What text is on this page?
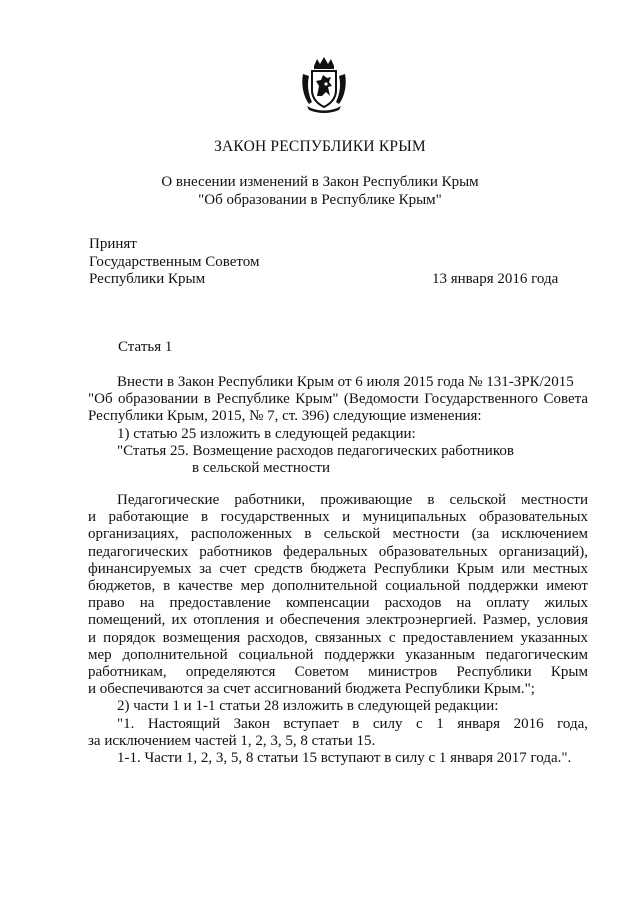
ЗАКОН РЕСПУБЛИКИ КРЫМ
О внесении изменений в Закон Республики Крым
"Об образовании в Республике Крым"
Принят
Государственным Советом
Республики Крым	13 января 2016 года
Статья 1
Внести в Закон Республики Крым от 6 июля 2015 года № 131-ЗРК/2015
"Об образовании в Республике Крым" (Ведомости Государственного Совета
Республики Крым, 2015, № 7, ст. 396) следующие изменения:
1) статью 25 изложить в следующей редакции:
"Статья 25. Возмещение расходов педагогических работников
в сельской местности
Педагогические работники, проживающие в сельской местности
и работающие в государственных и муниципальных образовательных
организациях, расположенных в сельской местности (за исключением
педагогических работников федеральных образовательных организаций),
финансируемых за счет средств бюджета Республики Крым или местных
бюджетов, в качестве мер дополнительной социальной поддержки имеют
право на предоставление компенсации расходов на оплату жилых
помещений, их отопления и обеспечения электроэнергией. Размер, условия
и порядок возмещения расходов, связанных с предоставлением указанных
мер дополнительной социальной поддержки указанным педагогическим
работникам, определяются Советом министров Республики Крым
и обеспечиваются за счет ассигнований бюджета Республики Крым.";
2) части 1 и 1-1 статьи 28 изложить в следующей редакции:
"1. Настоящий Закон вступает в силу с 1 января 2016 года,
за исключением частей 1, 2, 3, 5, 8 статьи 15.
1-1. Части 1, 2, 3, 5, 8 статьи 15 вступают в силу с 1 января 2017 года.".
